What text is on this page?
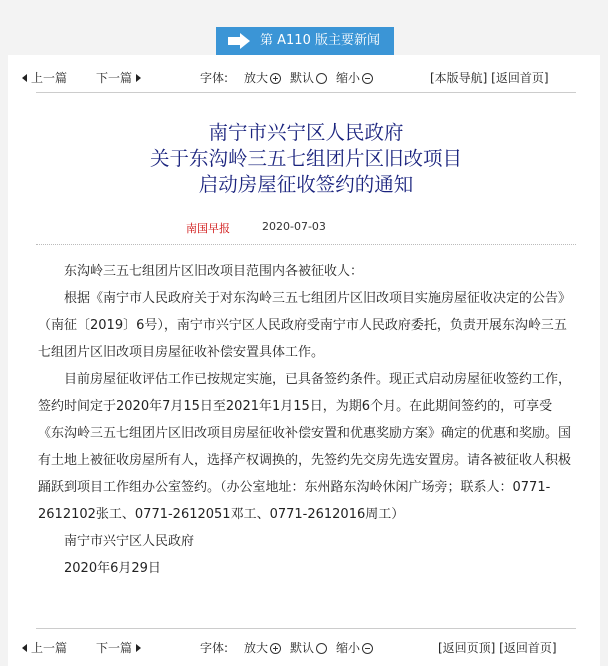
第 A110 版主要新闻
上一篇 下一篇	字体: 放大	默认	缩小	[本版导航] [返回首页]
南宁市兴宁区人民政府
关于东沟岭三五七组团片区旧改项目
启动房屋征收签约的通知
南国早报	2020-07-03

东沟岭三五七组团片区旧改项目范围内各被征收人：

根据《南宁市人民政府关于对东沟岭三五七组团片区旧改项目实施房屋征收决定的公告》（南征〔2019〕6号），南宁市兴宁区人民政府受南宁市人民政府委托，负责开展东沟岭三五七组团片区旧改项目房屋征收补偿安置具体工作。

目前房屋征收评估工作已按规定实施，已具备签约条件。现正式启动房屋征收签约工作，签约时间定于2020年7月15日至2021年1月15日，为期6个月。在此期间签约的，可享受《东沟岭三五七组团片区旧改项目房屋征收补偿安置和优惠奖励方案》确定的优惠和奖励。国有土地上被征收房屋所有人，选择产权调换的，先签约先交房先选安置房。请各被征收人积极踊跃到项目工作组办公室签约。（办公室地址：东州路东沟岭休闲广场旁；联系人：0771-2612102张工、0771-2612051邓工、0771-2612016周工）

南宁市兴宁区人民政府

2020年6月29日

上一篇 下一篇	字体: 放大	默认	缩小	[返回页顶] [返回首页]
